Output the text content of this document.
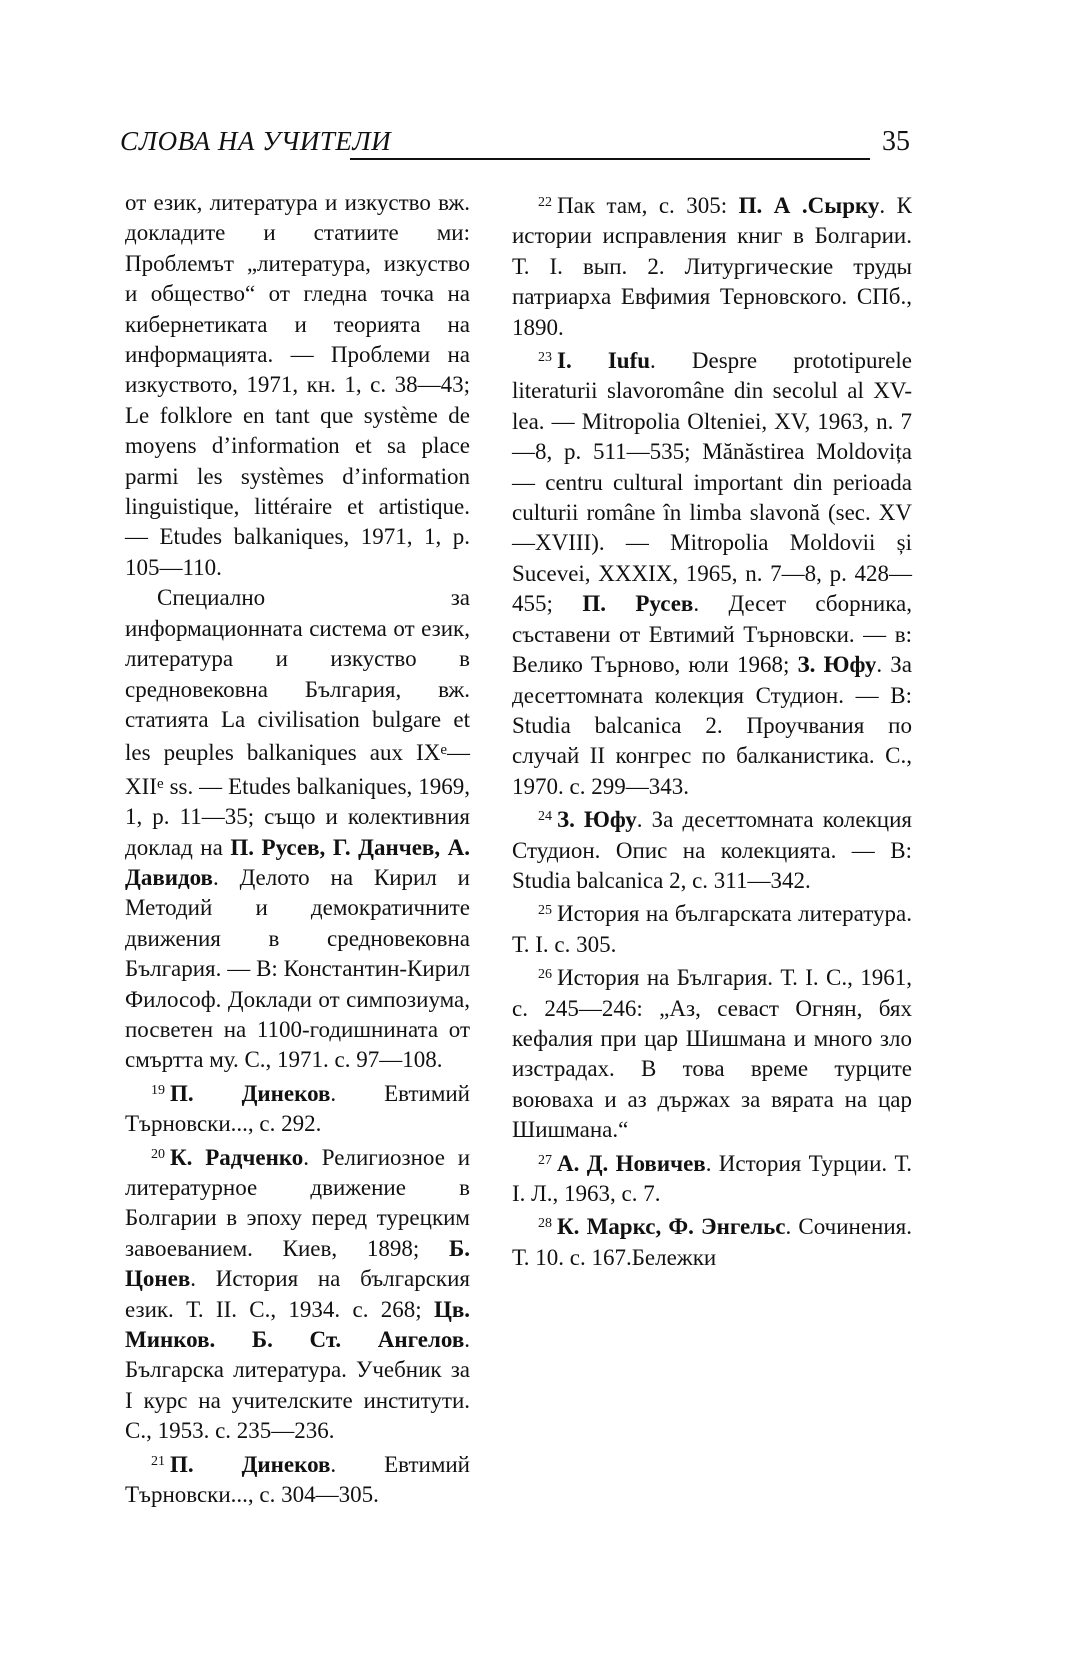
СЛОВА НА УЧИТЕЛИ	35

от език, литература и изкуство вж. докладите и статиите ми: Проблемът „литература, изкуство и общество“ от гледна точка на кибернетиката и теорията на информацията. — Проблеми на изкуството, 1971, кн. 1, с. 38—43; Le folklore en tant que système de moyens d’information et sa place parmi les systèmes d’information linguistique, littéraire et artistique. — Etudes balkaniques, 1971, 1, p. 105—110.

Специално за информационната система от език, литература и изкуство в средновековна България, вж. статията La civilisation bulgare et les peuples balkaniques aux IXe—XIIe ss. — Etudes balkaniques, 1969, 1, p. 11—35; също и колективния доклад на П. Русев, Г. Данчев, А. Давидов. Делото на Кирил и Методий и демократичните движения в средновековна България. — В: Константин-Кирил Философ. Доклади от симпозиума, посветен на 1100-годишнината от смъртта му. С., 1971. с. 97—108.

$^{19}$ П. Динеков. Евтимий Търновски..., с. 292.

$^{20}$ К. Радченко. Религиозное и литературное движение в Болгарии в эпоху перед турецким завоеванием. Киев, 1898; Б. Цонев. История на българския език. Т. II. С., 1934. с. 268; Цв. Минков. Б. Ст. Ангелов. Българска литература. Учебник за I курс на учителските институти. С., 1953. с. 235—236.

$^{21}$ П. Динеков. Евтимий Търновски..., с. 304—305.

$^{22}$ Пак там, с. 305: П. А .Сырку. К истории исправления книг в Болгарии. Т. I. вып. 2. Литургические труды патриарха Евфимия Терновского. СПб., 1890.

$^{23}$ I. Iufu. Despre prototipurele literaturii slavoromâne din secolul al XV-lea. — Mitropolia Olteniei, XV, 1963, n. 7—8, p. 511—535; Mănăstirea Moldovița — centru cultural important din perioada culturii române în limba slavonă (sec. XV—XVIII). — Mitropolia Moldovii și Sucevei, XXXIX, 1965, n. 7—8, p. 428—455; П. Русев. Десет сборника, съставени от Евтимий Търновски. — в: Велико Търново, юли 1968; З. Юфу. За десеттомната колекция Студион. — В: Studia balcanica 2. Проучвания по случай II конгрес по балканистика. С., 1970. с. 299—343.

$^{24}$ З. Юфу. За десеттомната колекция Студион. Опис на колекцията. — В: Studia balcanica 2, с. 311—342.

$^{25}$ История на българската литература. Т. I. с. 305.

$^{26}$ История на България. Т. I. С., 1961, с. 245—246: „Аз, севаст Огнян, бях кефалия при цар Шишмана и много зло изстрадах. В това време турците воюваха и аз държах за вярата на цар Шишмана.“

$^{27}$ А. Д. Новичев. История Турции. Т. I. Л., 1963, с. 7.

$^{28}$ К. Маркс, Ф. Энгельс. Сочинения. Т. 10. с. 167.Бележки
